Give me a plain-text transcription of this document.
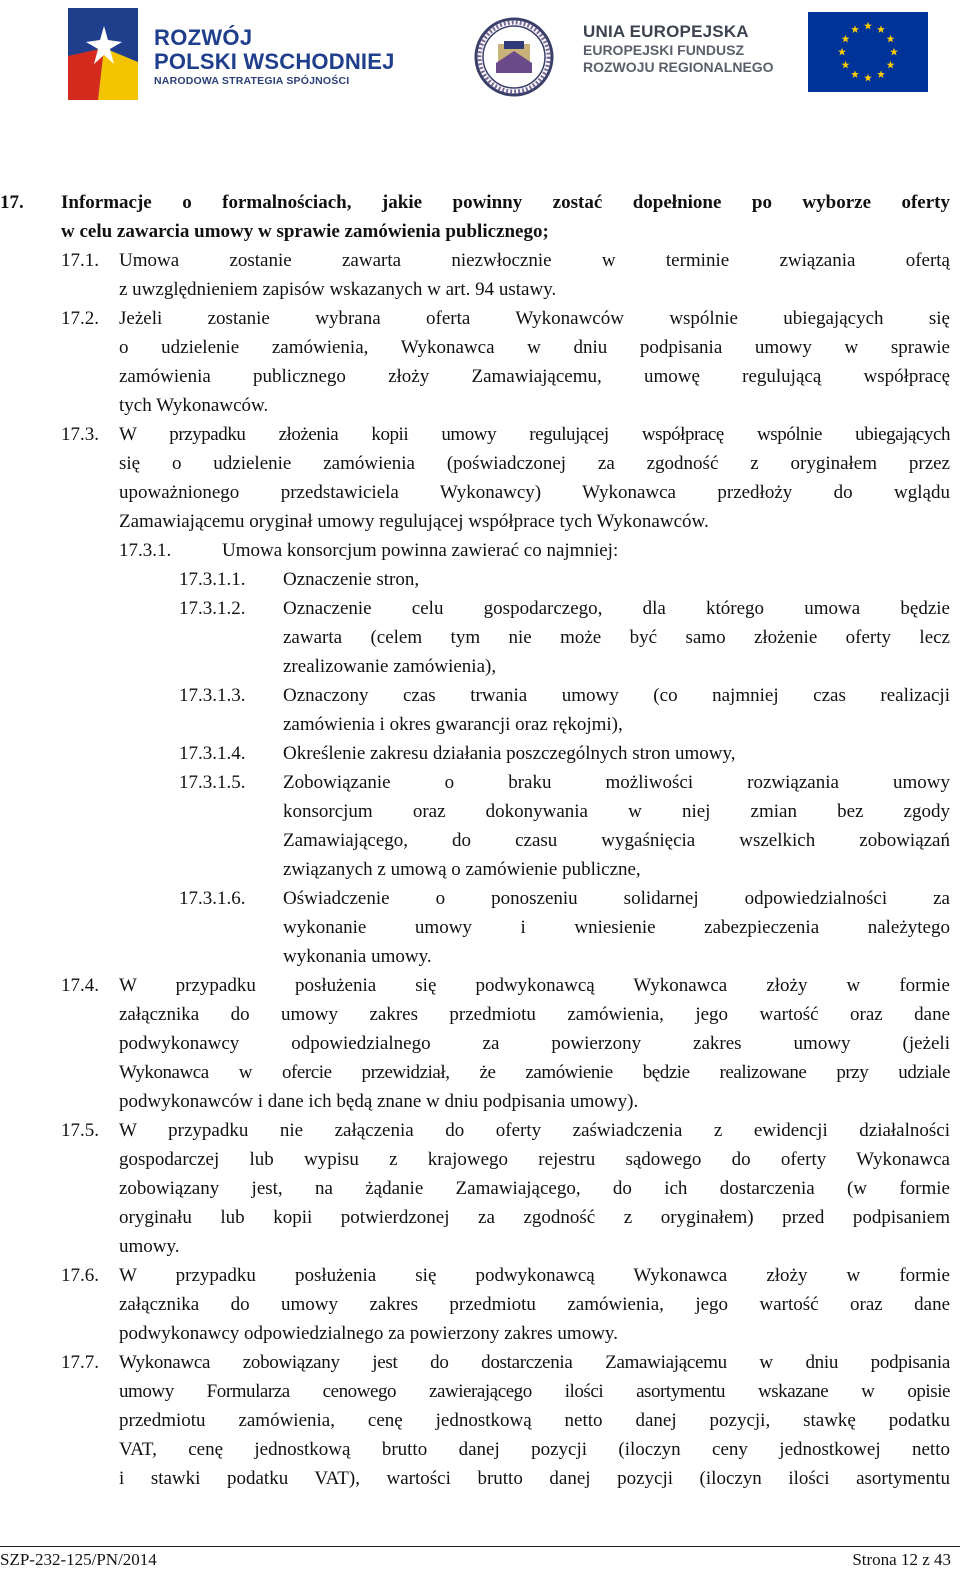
ROZWÓJ
POLSKI WSCHODNIEJ
NARODOWA STRATEGIA SPÓJNOŚCI
UNIA EUROPEJSKA
EUROPEJSKI FUNDUSZ
ROZWOJU REGIONALNEGO
17. Informacje o formalnościach, jakie powinny zostać dopełnione po wyborze oferty
w celu zawarcia umowy w sprawie zamówienia publicznego;
17.1. Umowa zostanie zawarta niezwłocznie w terminie związania ofertą
z uwzględnieniem zapisów wskazanych w art. 94 ustawy.
17.2. Jeżeli zostanie wybrana oferta Wykonawców wspólnie ubiegających się
o udzielenie zamówienia, Wykonawca w dniu podpisania umowy w sprawie
zamówienia publicznego złoży Zamawiającemu, umowę regulującą współpracę
tych Wykonawców.
17.3. W przypadku złożenia kopii umowy regulującej współpracę wspólnie ubiegających
się o udzielenie zamówienia (poświadczonej za zgodność z oryginałem przez
upoważnionego przedstawiciela Wykonawcy) Wykonawca przedłoży do wglądu
Zamawiającemu oryginał umowy regulującej współprace tych Wykonawców.
17.3.1.	Umowa konsorcjum powinna zawierać co najmniej:
17.3.1.1. Oznaczenie stron,
17.3.1.2. Oznaczenie celu gospodarczego, dla którego umowa będzie
zawarta (celem tym nie może być samo złożenie oferty lecz
zrealizowanie zamówienia),
17.3.1.3. Oznaczony czas trwania umowy (co najmniej czas realizacji
zamówienia i okres gwarancji oraz rękojmi),
17.3.1.4. Określenie zakresu działania poszczególnych stron umowy,
17.3.1.5. Zobowiązanie o braku możliwości rozwiązania umowy
konsorcjum oraz dokonywania w niej zmian bez zgody
Zamawiającego, do czasu wygaśnięcia wszelkich zobowiązań
związanych z umową o zamówienie publiczne,
17.3.1.6. Oświadczenie o ponoszeniu solidarnej odpowiedzialności za
wykonanie umowy i wniesienie zabezpieczenia należytego
wykonania umowy.
17.4. W przypadku posłużenia się podwykonawcą Wykonawca złoży w formie
załącznika do umowy zakres przedmiotu zamówienia, jego wartość oraz dane
podwykonawcy odpowiedzialnego za powierzony zakres umowy (jeżeli
Wykonawca w ofercie przewidział, że zamówienie będzie realizowane przy udziale
podwykonawców i dane ich będą znane w dniu podpisania umowy).
17.5. W przypadku nie załączenia do oferty zaświadczenia z ewidencji działalności
gospodarczej lub wypisu z krajowego rejestru sądowego do oferty Wykonawca
zobowiązany jest, na żądanie Zamawiającego, do ich dostarczenia (w formie
oryginału lub kopii potwierdzonej za zgodność z oryginałem) przed podpisaniem
umowy.
17.6. W przypadku posłużenia się podwykonawcą Wykonawca złoży w formie
załącznika do umowy zakres przedmiotu zamówienia, jego wartość oraz dane
podwykonawcy odpowiedzialnego za powierzony zakres umowy.
17.7. Wykonawca zobowiązany jest do dostarczenia Zamawiającemu w dniu podpisania
umowy Formularza cenowego zawierającego ilości asortymentu wskazane w opisie
przedmiotu zamówienia, cenę jednostkową netto danej pozycji, stawkę podatku
VAT, cenę jednostkową brutto danej pozycji (iloczyn ceny jednostkowej netto
i stawki podatku VAT), wartości brutto danej pozycji (iloczyn ilości asortymentu
SZP-232-125/PN/2014	Strona 12 z 43
